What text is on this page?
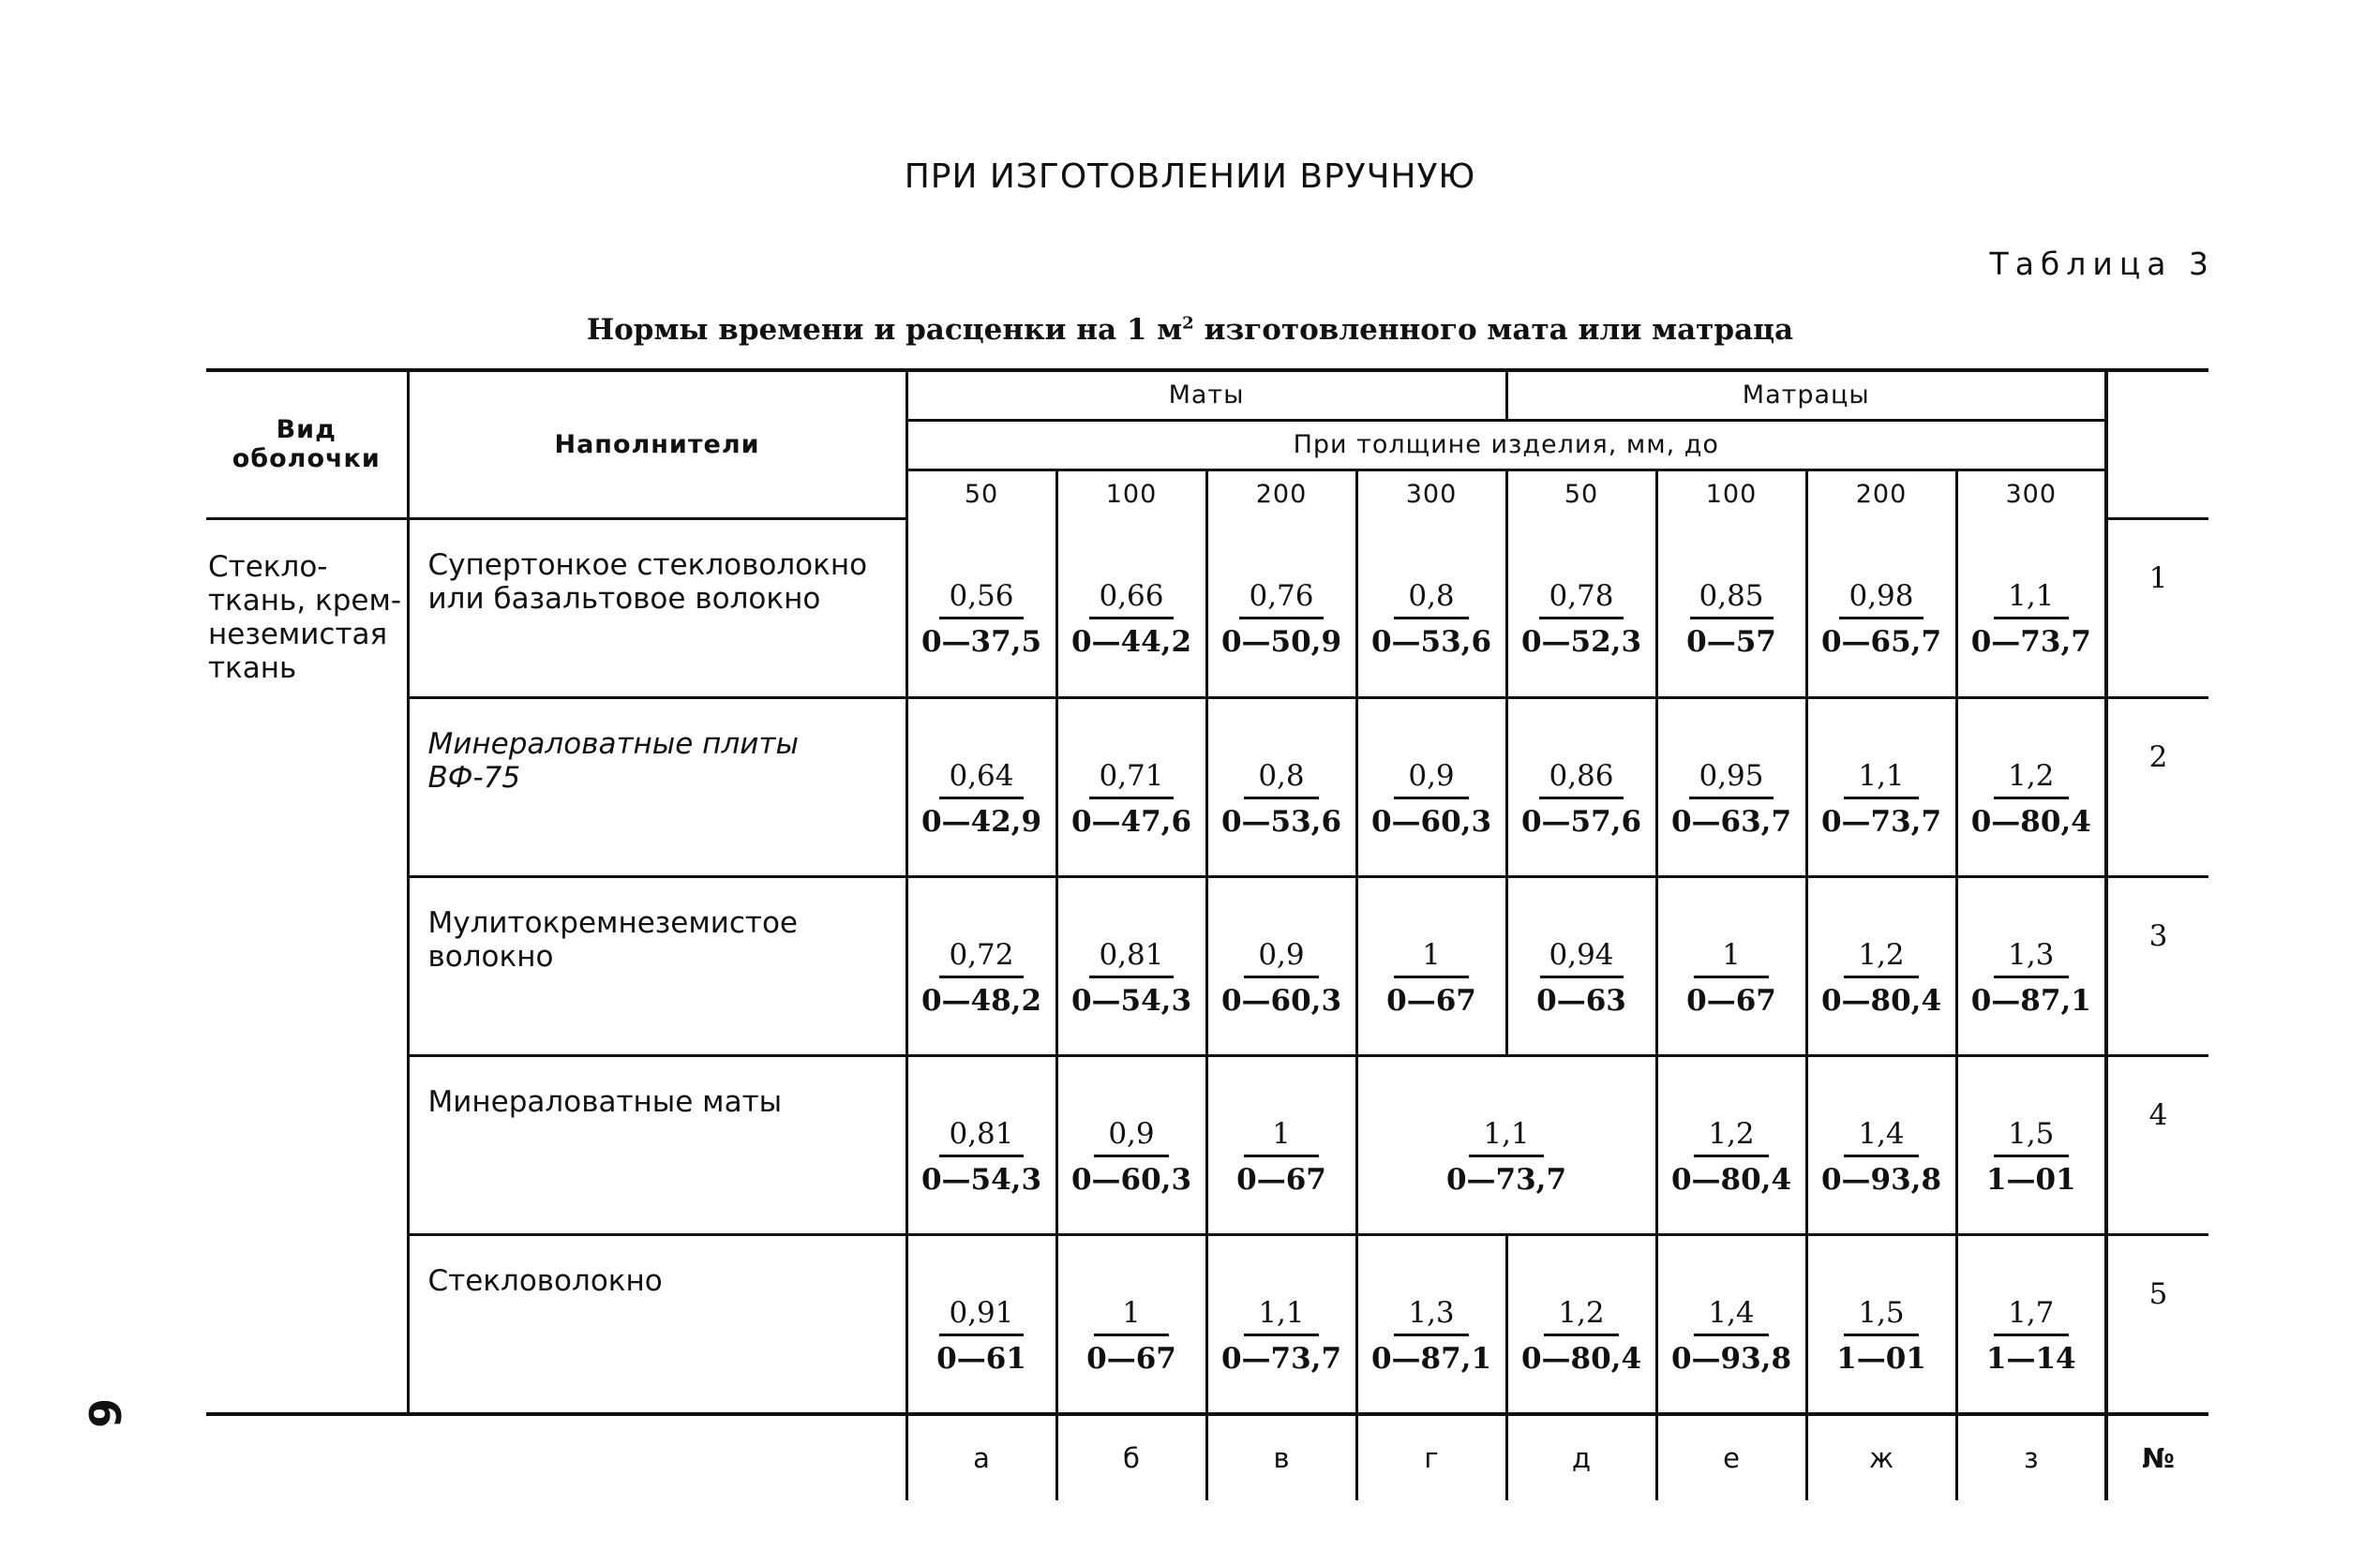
ПРИ ИЗГОТОВЛЕНИИ ВРУЧНУЮ
Таблица 3
Нормы времени и расценки на 1 $м^2$ изготовленного мата или матраца
Вид оболочки	Наполнители	Маты				Матрацы				
		При толщине изделия, мм, до								
		50	100	200	300	50	100	200	300	
Стекло-ткань, крем-неземистая ткань	Супертонкое стекловолокно или базальтовое волокно	$\frac{0,56}{0—37,5}$	$\frac{0,66}{0—44,2}$	$\frac{0,76}{0—50,9}$	$\frac{0,8}{0—53,6}$	$\frac{0,78}{0—52,3}$	$\frac{0,85}{0—57}$	$\frac{0,98}{0—65,7}$	$\frac{1,1}{0—73,7}$	1
	Минераловатные плиты ВФ-75	$\frac{0,64}{0—42,9}$	$\frac{0,71}{0—47,6}$	$\frac{0,8}{0—53,6}$	$\frac{0,9}{0—60,3}$	$\frac{0,86}{0—57,6}$	$\frac{0,95}{0—63,7}$	$\frac{1,1}{0—73,7}$	$\frac{1,2}{0—80,4}$	2
	Мулитокремнеземистое волокно	$\frac{0,72}{0—48,2}$	$\frac{0,81}{0—54,3}$	$\frac{0,9}{0—60,3}$	$\frac{1}{0—67}$	$\frac{0,94}{0—63}$	$\frac{1}{0—67}$	$\frac{1,2}{0—80,4}$	$\frac{1,3}{0—87,1}$	3
	Минераловатные маты	$\frac{0,81}{0—54,3}$	$\frac{0,9}{0—60,3}$	$\frac{1}{0—67}$	$\frac{1,1}{0—73,7}$		$\frac{1,2}{0—80,4}$	$\frac{1,4}{0—93,8}$	$\frac{1,5}{1—01}$	4
	Стекловолокно	$\frac{0,91}{0—61}$	$\frac{1}{0—67}$	$\frac{1,1}{0—73,7}$	$\frac{1,3}{0—87,1}$	$\frac{1,2}{0—80,4}$	$\frac{1,4}{0—93,8}$	$\frac{1,5}{1—01}$	$\frac{1,7}{1—14}$	5
		а	б	в	г	д	е	ж	з	№
6
